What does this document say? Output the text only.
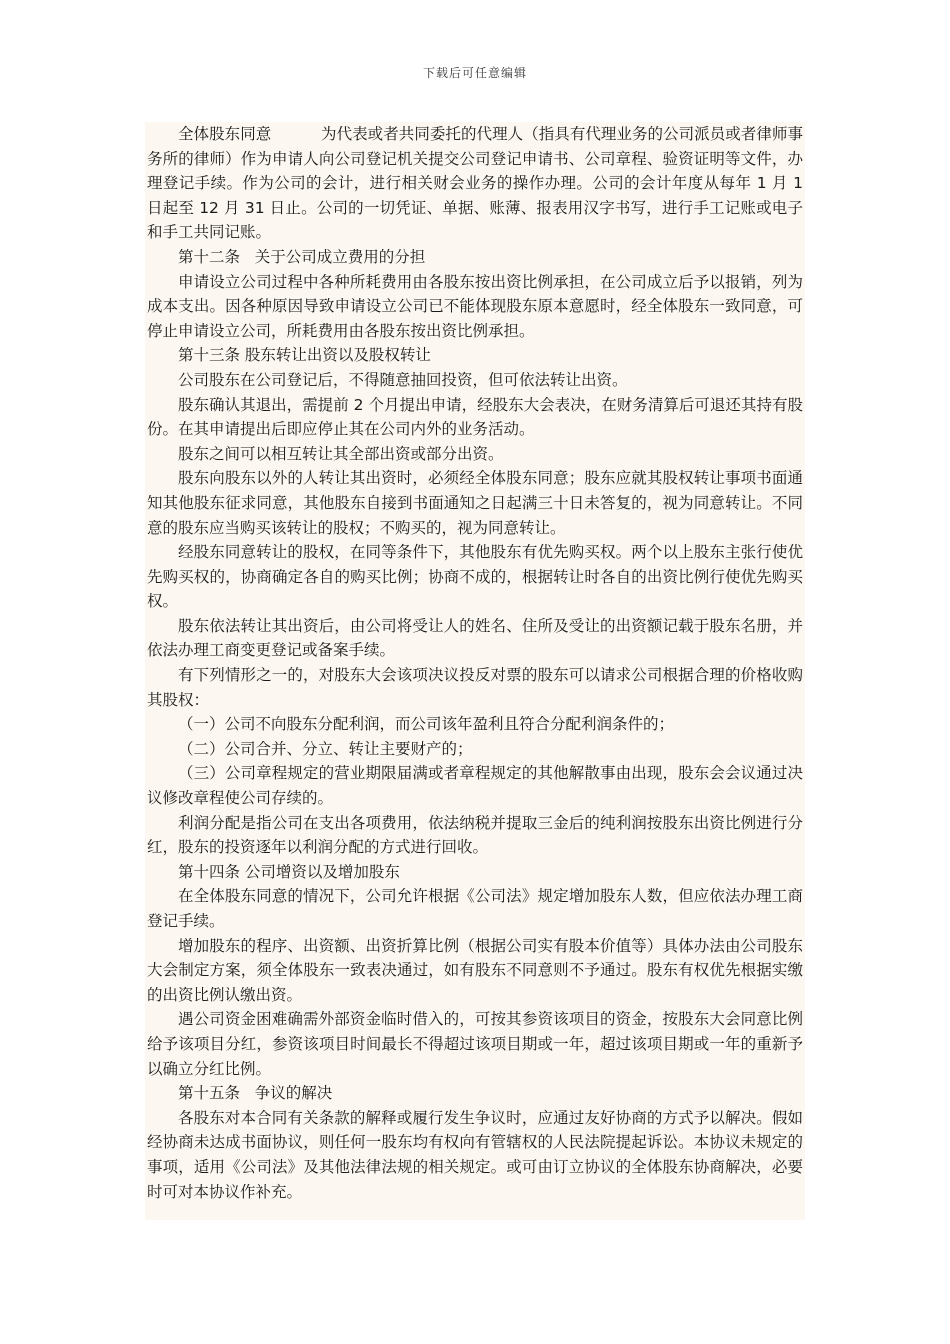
下载后可任意编辑

全体股东同意          为代表或者共同委托的代理人（指具有代理业务的公司派员或者律师事务所的律师）作为申请人向公司登记机关提交公司登记申请书、公司章程、验资证明等文件，办理登记手续。作为公司的会计，进行相关财会业务的操作办理。公司的会计年度从每年 1 月 1 日起至 12 月 31 日止。公司的一切凭证、单据、账薄、报表用汉字书写，进行手工记账或电子和手工共同记账。

第十二条   关于公司成立费用的分担

申请设立公司过程中各种所耗费用由各股东按出资比例承担，在公司成立后予以报销，列为成本支出。因各种原因导致申请设立公司已不能体现股东原本意愿时，经全体股东一致同意，可停止申请设立公司，所耗费用由各股东按出资比例承担。

第十三条 股东转让出资以及股权转让

公司股东在公司登记后，不得随意抽回投资，但可依法转让出资。

股东确认其退出，需提前 2 个月提出申请，经股东大会表决，在财务清算后可退还其持有股份。在其申请提出后即应停止其在公司内外的业务活动。

股东之间可以相互转让其全部出资或部分出资。

股东向股东以外的人转让其出资时，必须经全体股东同意；股东应就其股权转让事项书面通知其他股东征求同意，其他股东自接到书面通知之日起满三十日未答复的，视为同意转让。不同意的股东应当购买该转让的股权；不购买的，视为同意转让。

经股东同意转让的股权，在同等条件下，其他股东有优先购买权。两个以上股东主张行使优先购买权的，协商确定各自的购买比例；协商不成的，根据转让时各自的出资比例行使优先购买权。

股东依法转让其出资后，由公司将受让人的姓名、住所及受让的出资额记载于股东名册，并依法办理工商变更登记或备案手续。

有下列情形之一的，对股东大会该项决议投反对票的股东可以请求公司根据合理的价格收购其股权：

（一）公司不向股东分配利润，而公司该年盈利且符合分配利润条件的；

（二）公司合并、分立、转让主要财产的；

（三）公司章程规定的营业期限届满或者章程规定的其他解散事由出现，股东会会议通过决议修改章程使公司存续的。

利润分配是指公司在支出各项费用，依法纳税并提取三金后的纯利润按股东出资比例进行分红，股东的投资逐年以利润分配的方式进行回收。

第十四条 公司增资以及增加股东

在全体股东同意的情况下，公司允许根据《公司法》规定增加股东人数，但应依法办理工商登记手续。

增加股东的程序、出资额、出资折算比例（根据公司实有股本价值等）具体办法由公司股东大会制定方案，须全体股东一致表决通过，如有股东不同意则不予通过。股东有权优先根据实缴的出资比例认缴出资。

遇公司资金困难确需外部资金临时借入的，可按其参资该项目的资金，按股东大会同意比例给予该项目分红，参资该项目时间最长不得超过该项目期或一年，超过该项目期或一年的重新予以确立分红比例。

第十五条   争议的解决

各股东对本合同有关条款的解释或履行发生争议时，应通过友好协商的方式予以解决。假如经协商未达成书面协议，则任何一股东均有权向有管辖权的人民法院提起诉讼。本协议未规定的事项，适用《公司法》及其他法律法规的相关规定。或可由订立协议的全体股东协商解决，必要时可对本协议作补充。
